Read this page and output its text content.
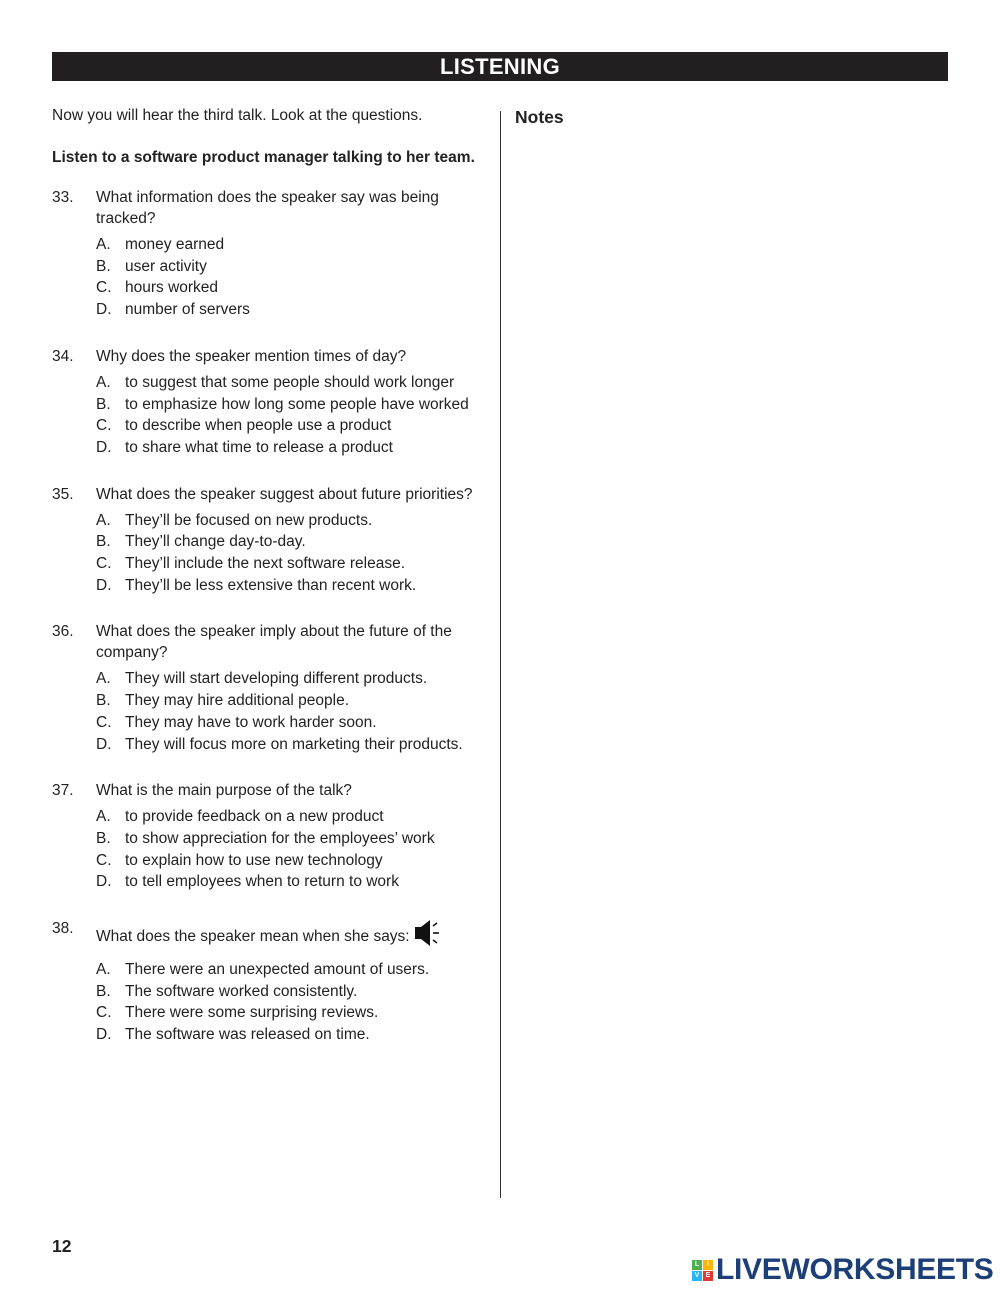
LISTENING

Now you will hear the third talk. Look at the questions.

Listen to a software product manager talking to her team.

33.	What information does the speaker say was being tracked?
A. money earned
B. user activity
C. hours worked
D. number of servers
34.	Why does the speaker mention times of day?
A. to suggest that some people should work longer
B. to emphasize how long some people have worked
C. to describe when people use a product
D. to share what time to release a product
35.	What does the speaker suggest about future priorities?
A. They’ll be focused on new products.
B. They’ll change day-to-day.
C. They’ll include the next software release.
D. They’ll be less extensive than recent work.
36.	What does the speaker imply about the future of the company?
A. They will start developing different products.
B. They may hire additional people.
C. They may have to work harder soon.
D. They will focus more on marketing their products.
37.	What is the main purpose of the talk?
A. to provide feedback on a new product
B. to show appreciation for the employees’ work
C. to explain how to use new technology
D. to tell employees when to return to work
38.	What does the speaker mean when she says:
A. There were an unexpected amount of users.
B. The software worked consistently.
C. There were some surprising reviews.
D. The software was released on time.
Notes
12
L	I
V E LIVEWORKSHEETS
